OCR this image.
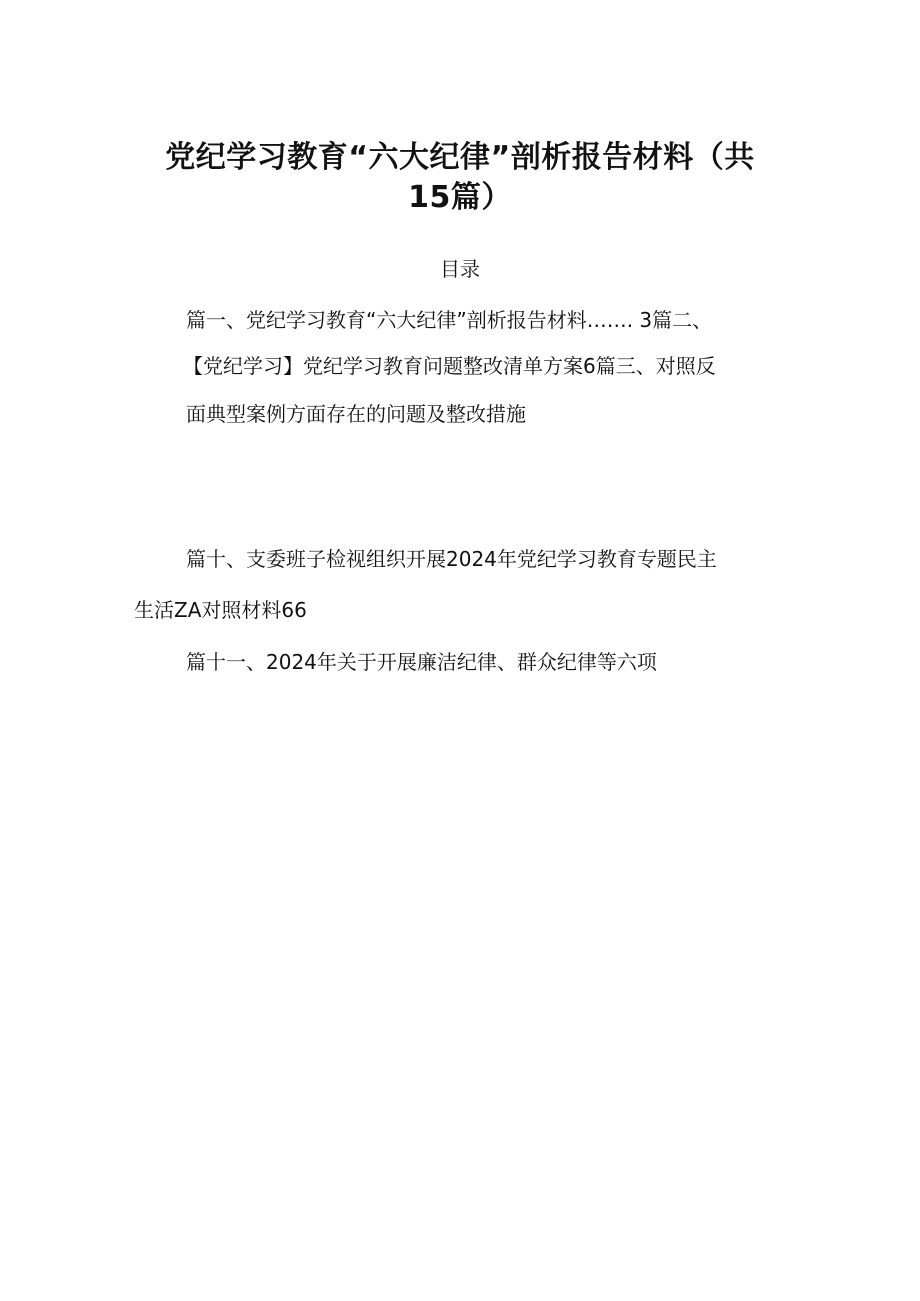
党纪学习教育“六大纪律”剖析报告材料（共
15篇）
目录
篇一、党纪学习教育“六大纪律”剖析报告材料……. 3篇二、
【党纪学习】党纪学习教育问题整改清单方案6篇三、对照反
面典型案例方面存在的问题及整改措施
篇十、支委班子检视组织开展2024年党纪学习教育专题民主
生活ZA对照材料66
篇十一、2024年关于开展廉洁纪律、群众纪律等六项
